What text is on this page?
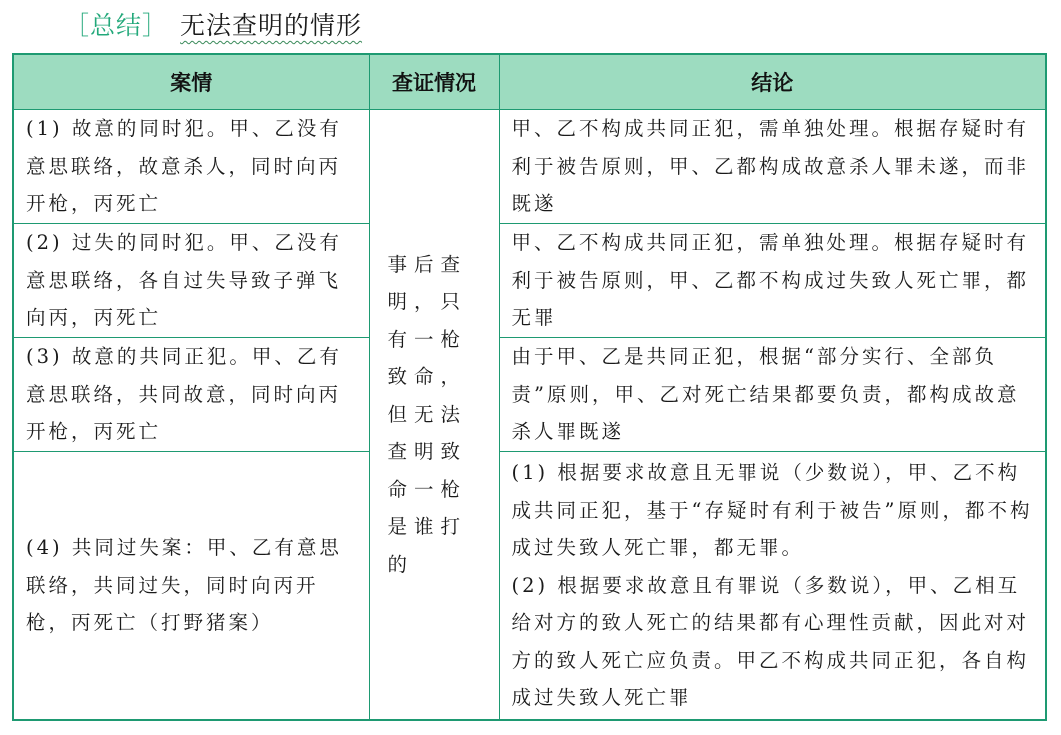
［总结］ 无法查明的情形
案情	查证情况	结论
(1) 故意的同时犯。甲、乙没有意思联络，故意杀人，同时向丙开枪，丙死亡	事后查明，只有一枪致命，但无法查明致命一枪是谁打的	甲、乙不构成共同正犯，需单独处理。根据存疑时有利于被告原则，甲、乙都构成故意杀人罪未遂，而非既遂
(2) 过失的同时犯。甲、乙没有意思联络，各自过失导致子弹飞向丙，丙死亡		甲、乙不构成共同正犯，需单独处理。根据存疑时有利于被告原则，甲、乙都不构成过失致人死亡罪，都无罪
(3) 故意的共同正犯。甲、乙有意思联络，共同故意，同时向丙开枪，丙死亡		由于甲、乙是共同正犯，根据“部分实行、全部负责”原则，甲、乙对死亡结果都要负责，都构成故意杀人罪既遂
(4) 共同过失案：甲、乙有意思联络，共同过失，同时向丙开枪，丙死亡（打野猪案）		(1) 根据要求故意且无罪说（少数说），甲、乙不构成共同正犯，基于“存疑时有利于被告”原则，都不构成过失致人死亡罪，都无罪。

(2) 根据要求故意且有罪说（多数说），甲、乙相互给对方的致人死亡的结果都有心理性贡献，因此对对方的致人死亡应负责。甲乙不构成共同正犯，各自构成过失致人死亡罪
